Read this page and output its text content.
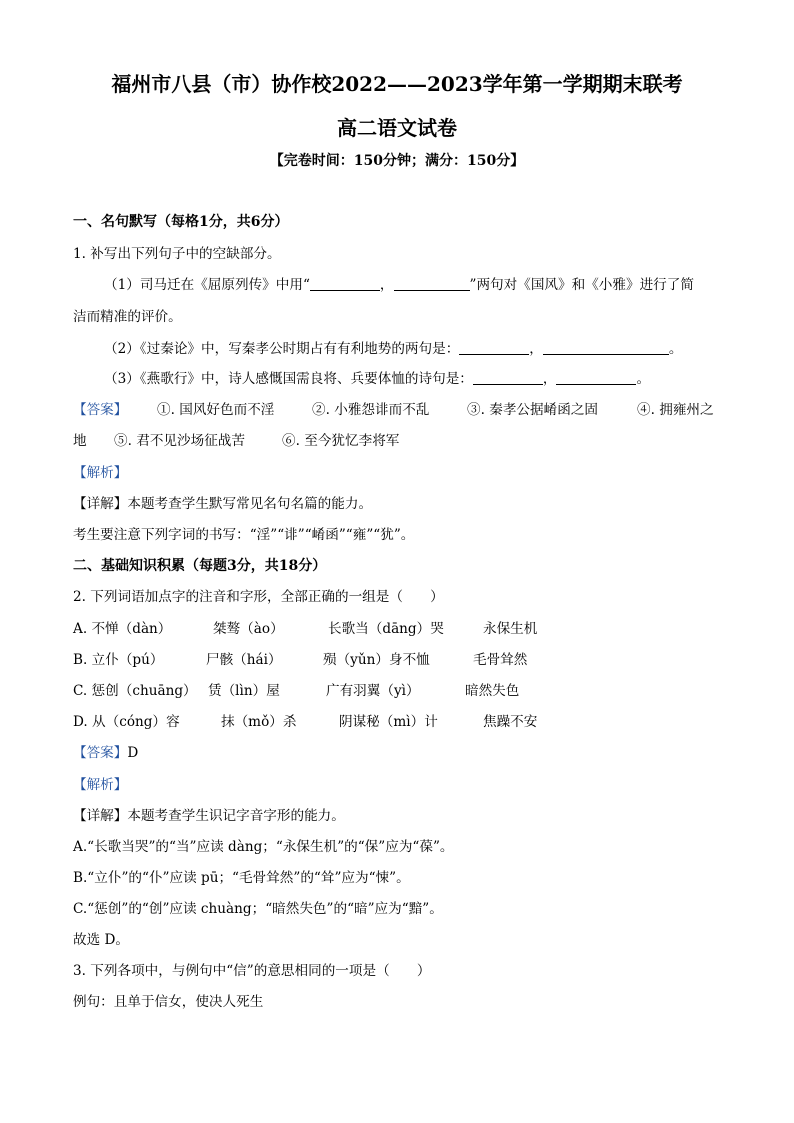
福州市八县（市）协作校2022——2023学年第一学期期末联考
高二语文试卷
【完卷时间：150分钟；满分：150分】
一、名句默写（每格1分，共6分）
1. 补写出下列句子中的空缺部分。
（1）司马迁在《屈原列传》中用“	，	”两句对《国风》和《小雅》进行了简
洁而精准的评价。
（2）《过秦论》中，写秦孝公时期占有有利地势的两句是：	，	。
（3）《燕歌行》中，诗人感慨国需良将、兵要体恤的诗句是：	，	。
【答案】 ①. 国风好色而不淫	②. 小雅怨诽而不乱	③. 秦孝公据崤函之固	④. 拥雍州之
地 ⑤. 君不见沙场征战苦	⑥. 至今犹忆李将军
【解析】
【详解】本题考查学生默写常见名句名篇的能力。
考生要注意下列字词的书写：“淫”“诽”“崤函”“雍”“犹”。
二、基础知识积累（每题3分，共18分）
2. 下列词语加点字的注音和字形，全部正确的一组是（　　）
A. 不惮（dàn）	桀骜（ào）	长歌当（dāng）哭	永保生机
B. 立仆（pú）	尸骸（hái）	殒（yǔn）身不恤	毛骨耸然
C. 惩创（chuāng） 赁（lìn）屋	广有羽翼（yì）	暗然失色
D. 从（cóng）容	抹（mǒ）杀	阴谋秘（mì）计	焦躁不安
【答案】D
【解析】
【详解】本题考查学生识记字音字形的能力。
A.“长歌当哭”的“当”应读 dàng；“永保生机”的“保”应为“葆”。
B.“立仆”的“仆”应读 pū；“毛骨耸然”的“耸”应为“悚”。
C.“惩创”的“创”应读 chuàng；“暗然失色”的“暗”应为“黯”。
故选 D。
3. 下列各项中，与例句中“信”的意思相同的一项是（　　）
例句：且单于信女，使决人死生
